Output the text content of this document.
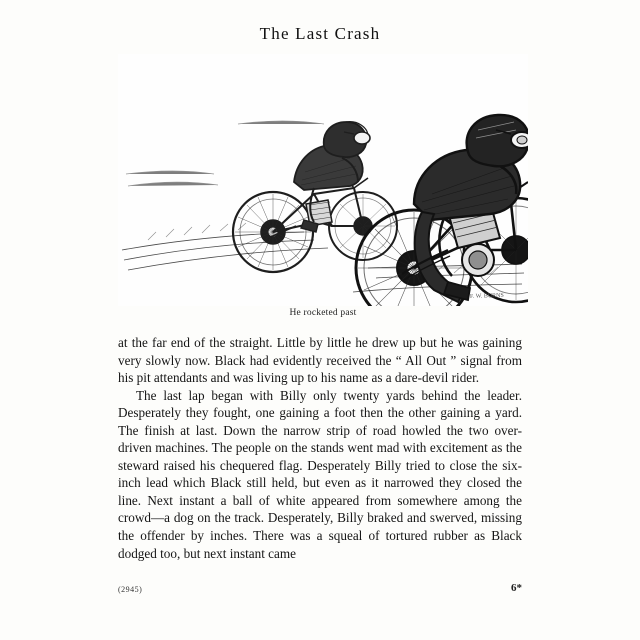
The Last Crash
F. W. BURNS
He rocketed past

at the far end of the straight. Little by little he drew up but he was gaining very slowly now. Black had evidently received the “ All Out ” signal from his pit attendants and was living up to his name as a dare-devil rider.

The last lap began with Billy only twenty yards behind the leader. Desperately they fought, one gaining a foot then the other gaining a yard. The finish at last. Down the narrow strip of road howled the two over-driven machines. The people on the stands went mad with excitement as the steward raised his chequered flag. Desperately Billy tried to close the six-inch lead which Black still held, but even as it narrowed they closed the line. Next instant a ball of white appeared from somewhere among the crowd—a dog on the track. Desperately, Billy braked and swerved, missing the offender by inches. There was a squeal of tortured rubber as Black dodged too, but next instant came

(2945)	6*
